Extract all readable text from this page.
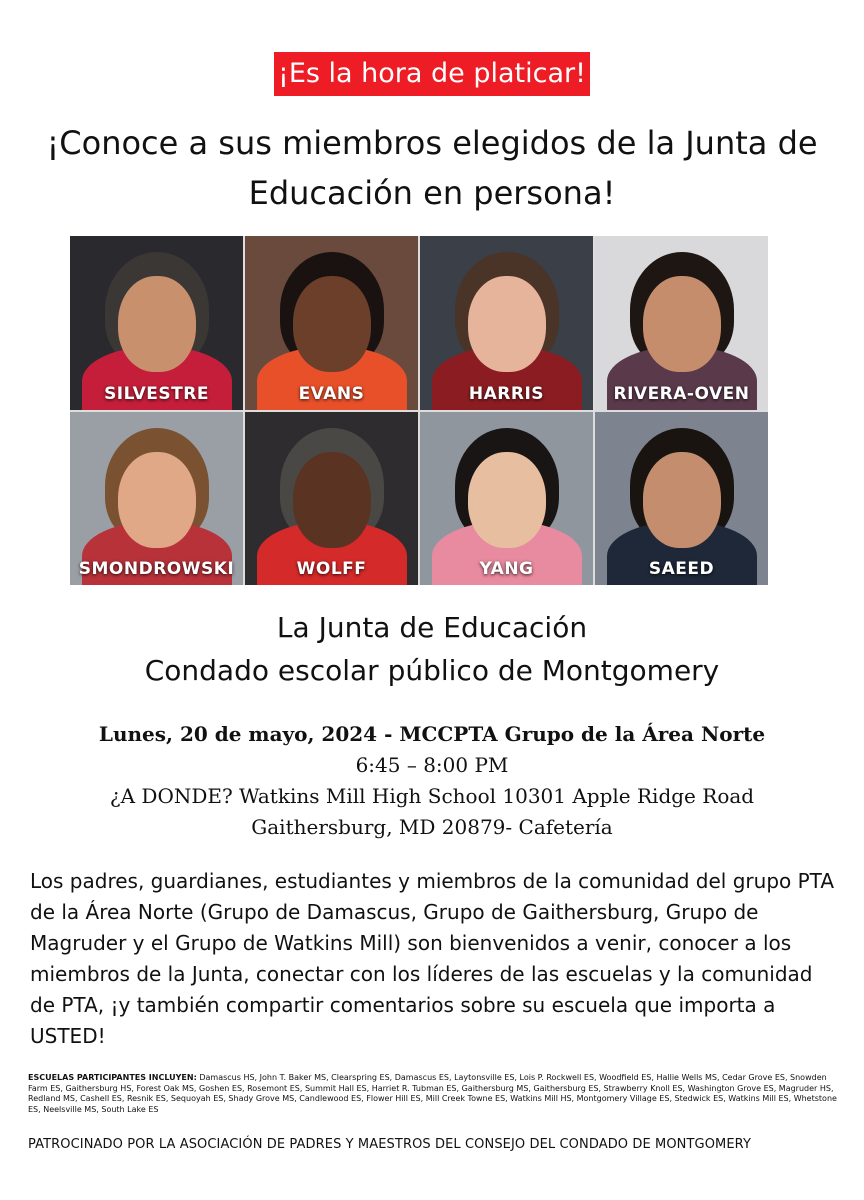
¡Es la hora de platicar!
¡Conoce a sus miembros elegidos de la Junta de
Educación en persona!
SILVESTRE	EVANS	HARRIS	RIVERA-OVEN
SMONDROWSKI	WOLFF	YANG	SAEED
La Junta de Educación
Condado escolar público de Montgomery
Lunes, 20 de mayo, 2024 - MCCPTA Grupo de la Área Norte
6:45 – 8:00 PM
¿A DONDE? Watkins Mill High School 10301 Apple Ridge Road
Gaithersburg, MD 20879- Cafetería

Los padres, guardianes, estudiantes y miembros de la comunidad del grupo PTA de la Área Norte (Grupo de Damascus, Grupo de Gaithersburg, Grupo de Magruder y el Grupo de Watkins Mill) son bienvenidos a venir, conocer a los miembros de la Junta, conectar con los líderes de las escuelas y la comunidad de PTA, ¡y también compartir comentarios sobre su escuela que importa a USTED!

ESCUELAS PARTICIPANTES INCLUYEN: Damascus HS, John T. Baker MS, Clearspring ES, Damascus ES, Laytonsville ES, Lois P. Rockwell ES, Woodfield ES, Hallie Wells MS, Cedar Grove ES, Snowden Farm ES, Gaithersburg HS, Forest Oak MS, Goshen ES, Rosemont ES, Summit Hall ES, Harriet R. Tubman ES, Gaithersburg MS, Gaithersburg ES, Strawberry Knoll ES, Washington Grove ES, Magruder HS, Redland MS, Cashell ES, Resnik ES, Sequoyah ES, Shady Grove MS, Candlewood ES, Flower Hill ES, Mill Creek Towne ES, Watkins Mill HS, Montgomery Village ES, Stedwick ES, Watkins Mill ES, Whetstone ES, Neelsville MS, South Lake ES

PATROCINADO POR LA ASOCIACIÓN DE PADRES Y MAESTROS DEL CONSEJO DEL CONDADO DE MONTGOMERY
